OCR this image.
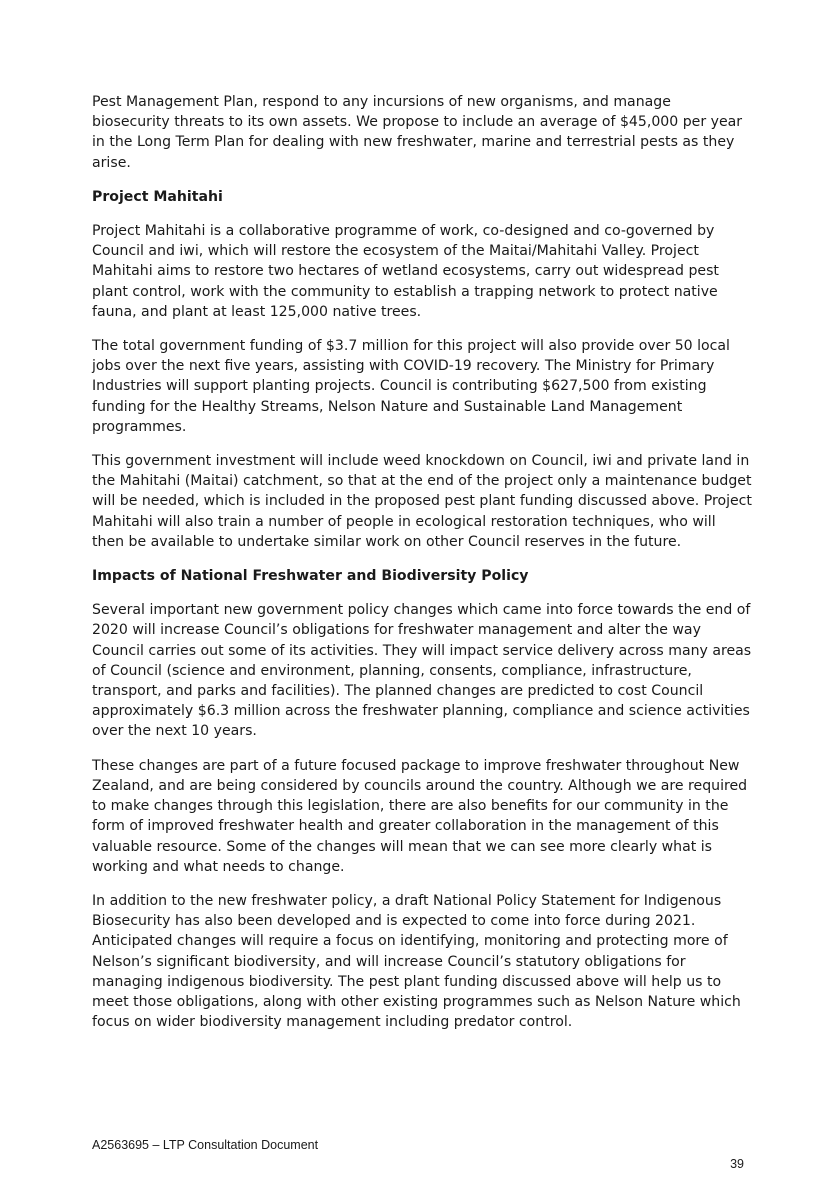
Pest Management Plan, respond to any incursions of new organisms, and manage biosecurity threats to its own assets. We propose to include an average of $45,000 per year in the Long Term Plan for dealing with new freshwater, marine and terrestrial pests as they arise.

Project Mahitahi

Project Mahitahi is a collaborative programme of work, co-designed and co-governed by Council and iwi, which will restore the ecosystem of the Maitai/Mahitahi Valley. Project Mahitahi aims to restore two hectares of wetland ecosystems, carry out widespread pest plant control, work with the community to establish a trapping network to protect native fauna, and plant at least 125,000 native trees.

The total government funding of $3.7 million for this project will also provide over 50 local jobs over the next five years, assisting with COVID-19 recovery. The Ministry for Primary Industries will support planting projects. Council is contributing $627,500 from existing funding for the Healthy Streams, Nelson Nature and Sustainable Land Management programmes.

This government investment will include weed knockdown on Council, iwi and private land in the Mahitahi (Maitai) catchment, so that at the end of the project only a maintenance budget will be needed, which is included in the proposed pest plant funding discussed above. Project Mahitahi will also train a number of people in ecological restoration techniques, who will then be available to undertake similar work on other Council reserves in the future.

Impacts of National Freshwater and Biodiversity Policy

Several important new government policy changes which came into force towards the end of 2020 will increase Council’s obligations for freshwater management and alter the way Council carries out some of its activities. They will impact service delivery across many areas of Council (science and environment, planning, consents, compliance, infrastructure, transport, and parks and facilities). The planned changes are predicted to cost Council approximately $6.3 million across the freshwater planning, compliance and science activities over the next 10 years.

These changes are part of a future focused package to improve freshwater throughout New Zealand, and are being considered by councils around the country. Although we are required to make changes through this legislation, there are also benefits for our community in the form of improved freshwater health and greater collaboration in the management of this valuable resource. Some of the changes will mean that we can see more clearly what is working and what needs to change.

In addition to the new freshwater policy, a draft National Policy Statement for Indigenous Biosecurity has also been developed and is expected to come into force during 2021. Anticipated changes will require a focus on identifying, monitoring and protecting more of Nelson’s significant biodiversity, and will increase Council’s statutory obligations for managing indigenous biodiversity. The pest plant funding discussed above will help us to meet those obligations, along with other existing programmes such as Nelson Nature which focus on wider biodiversity management including predator control.

A2563695 – LTP Consultation Document
39
